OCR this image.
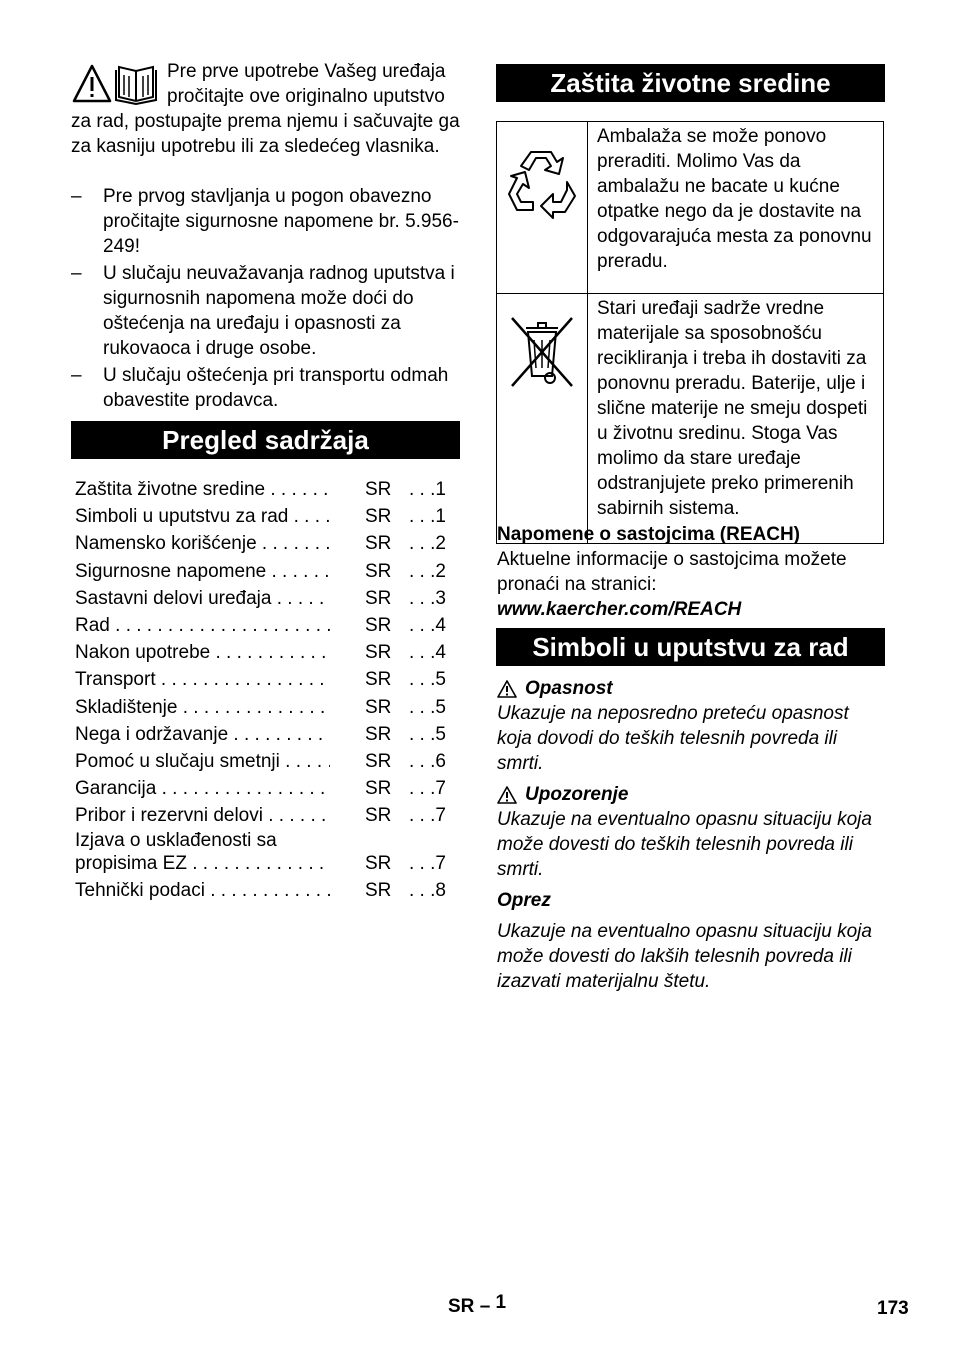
Pre prve upotrebe Vašeg uređaja pročitajte ove originalno uputstvo za rad, postupajte prema njemu i sačuvajte ga za kasniju upotrebu ili za sledećeg vlasnika.
– Pre prvog stavljanja u pogon obavezno pročitajte sigurnosne napomene br. 5.956-249!
– U slučaju neuvažavanja radnog uputstva i sigurnosnih napomena može doći do oštećenja na uređaju i opasnosti za rukovaoca i druge osobe.
– U slučaju oštećenja pri transportu odmah obavestite prodavca.
Pregled sadržaja
Zaštita životne sredine . . .	SR . . .1
Simboli u uputstvu za rad . . .	SR . . .1
Namensko korišćenje . . .	SR . . .2
Sigurnosne napomene . . .	SR . . .2
Sastavni delovi uređaja . . .	SR . . .3
Rad . . .	SR . . .4
Nakon upotrebe . . .	SR . . .4
Transport . . .	SR . . .5
Skladištenje . . .	SR . . .5
Nega i održavanje . . .	SR . . .5
Pomoć u slučaju smetnji . . .	SR . . .6
Garancija . . .	SR . . .7
Pribor i rezervni delovi . . .	SR . . .7
Izjava o usklađenosti sa
propisima EZ . . .	SR . . .7
Tehnički podaci . . .	SR . . .8
Zaštita životne sredine
	Ambalaža se može ponovo preraditi. Molimo Vas da ambalažu ne bacate u kućne otpatke nego da je dostavite na odgovarajuća mesta za ponovnu preradu.
	Stari uređaji sadrže vredne materijale sa sposobnošću recikliranja i treba ih dostaviti za ponovnu preradu. Baterije, ulje i slične materije ne smeju dospeti u životnu sredinu. Stoga Vas molimo da stare uređaje odstranjujete preko primerenih sabirnih sistema.
Napomene o sastojcima (REACH)
Aktuelne informacije o sastojcima možete pronaći na stranici:
www.kaercher.com/REACH
Simboli u uputstvu za rad
Opasnost
Ukazuje na neposredno preteću opasnost koja dovodi do teških telesnih povreda ili smrti.
Upozorenje
Ukazuje na eventualno opasnu situaciju koja može dovesti do teških telesnih povreda ili smrti.
Oprez
Ukazuje na eventualno opasnu situaciju koja može dovesti do lakših telesnih povreda ili izazvati materijalnu štetu.
SR – 1	173
